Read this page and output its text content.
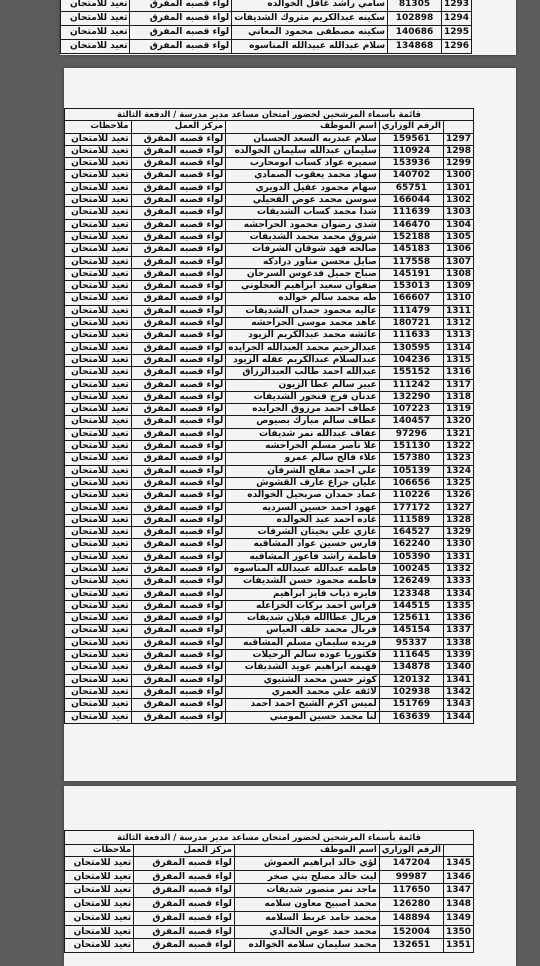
1293	81305	سامي راشد غافل الخوالده	لواء قصبه المفرق	تعيد للامتحان
1294	102898	سكينه عبدالكريم متروك الشديفات	لواء قصبه المفرق	تعيد للامتحان
1295	140686	سكينه مصطفى محمود المعاني	لواء قصبه المفرق	تعيد للامتحان
1296	134868	سلام عبدالله عبيدالله المناسوه	لواء قصبه المفرق	تعيد للامتحان
قائمة بأسماء المرشحين لحضور امتحان مساعد مدير مدرسة / الدفعة الثالثة				
	الرقم الوزاري	اسم الموظف	مركز العمل	ملاحظات
1297	159561	سلام عبدربه السعد الحسبان	لواء قصبه المفرق	تعيد للامتحان
1298	110924	سليمان عبدالله سليمان الخوالده	لواء قصبه المفرق	تعيد للامتحان
1299	153936	سميره عواد كساب ابومحارب	لواء قصبه المفرق	تعيد للامتحان
1300	140702	سهاد محمد يعقوب الصمادي	لواء قصبه المفرق	تعيد للامتحان
1301	65751	سهام محمود عقيل الدويري	لواء قصبه المفرق	تعيد للامتحان
1302	166044	سوسن محمد عوض الفحيلي	لواء قصبه المفرق	تعيد للامتحان
1303	111639	شذا محمد كساب الشديفات	لواء قصبه المفرق	تعيد للامتحان
1304	146470	شذى رضوان محمود الحراحشه	لواء قصبه المفرق	تعيد للامتحان
1305	152188	شروق محمد محمد الشديفات	لواء قصبه المفرق	تعيد للامتحان
1306	145183	صالحه فهد شوقان الشرفات	لواء قصبه المفرق	تعيد للامتحان
1307	117558	صايل محسن مناور درادكه	لواء قصبه المفرق	تعيد للامتحان
1308	145191	صباح جميل فدعوس السرحان	لواء قصبه المفرق	تعيد للامتحان
1309	153013	صفوان سعيد ابراهيم العجلوني	لواء قصبه المفرق	تعيد للامتحان
1310	166607	طه محمد سالم خوالده	لواء قصبه المفرق	تعيد للامتحان
1311	111479	عاليه محمود حمدان الشديفات	لواء قصبه المفرق	تعيد للامتحان
1312	180721	عاهد محمد موسى الحراحشه	لواء قصبه المفرق	تعيد للامتحان
1313	111633	عائشه محمد عبدالكريم الزيود	لواء قصبه المفرق	تعيد للامتحان
1314	130595	عبدالرحيم محمد العبدالله الجرايده	لواء قصبه المفرق	تعيد للامتحان
1315	104236	عبدالسلام عبدالكريم عقله الزيود	لواء قصبه المفرق	تعيد للامتحان
1316	155152	عبدالله احمد طالب العبدالرزاق	لواء قصبه المفرق	تعيد للامتحان
1317	111242	عبير سالم عطا الزيون	لواء قصبه المفرق	تعيد للامتحان
1318	132290	عدنان فرج فنخور الشديفات	لواء قصبه المفرق	تعيد للامتحان
1319	107223	عطاف احمد مرزوق الجرايده	لواء قصبه المفرق	تعيد للامتحان
1320	140457	عطاف سالم مبارك بصيوص	لواء قصبه المفرق	تعيد للامتحان
1321	97296	عفاف عبدالله نمر شديفات	لواء قصبه المفرق	تعيد للامتحان
1322	151130	علا ناصر مسلم الحراحشه	لواء قصبه المفرق	تعيد للامتحان
1323	157380	علاء فالح سالم عمرو	لواء قصبه المفرق	تعيد للامتحان
1324	105139	علي احمد مفلح الشرفان	لواء قصبه المفرق	تعيد للامتحان
1325	106656	عليان جزاع عارف القشوش	لواء قصبه المفرق	تعيد للامتحان
1326	110226	عماد حمدان صربحيل الخوالده	لواء قصبه المفرق	تعيد للامتحان
1327	177172	عهود احمد حسين السرديه	لواء قصبه المفرق	تعيد للامتحان
1328	111589	غاده احمد عيد الخوالده	لواء قصبه المفرق	تعيد للامتحان
1329	164527	غازي علي بخيتان الشرفات	لواء قصبه المفرق	تعيد للامتحان
1330	162240	فارس حسين عواد المشاقبه	لواء قصبه المفرق	تعيد للامتحان
1331	105390	فاطمة راشد فاعور المشاقبه	لواء قصبه المفرق	تعيد للامتحان
1332	100245	فاطمه عبدالله عبيدالله المناسوه	لواء قصبه المفرق	تعيد للامتحان
1333	126249	فاطمه محمود حسن الشديفات	لواء قصبه المفرق	تعيد للامتحان
1334	123348	فايزه ذياب فايز ابراهيم	لواء قصبه المفرق	تعيد للامتحان
1335	144515	فراس احمد بركات الخزاعله	لواء قصبه المفرق	تعيد للامتحان
1336	125611	فريال عطاالله فيلان شديفات	لواء قصبه المفرق	تعيد للامتحان
1337	145154	فريال محمد خلف العياس	لواء قصبه المفرق	تعيد للامتحان
1338	95337	فريده سليمان مسلم المشاقبه	لواء قصبه المفرق	تعيد للامتحان
1339	111645	فكتوريا عوده سالم الرحيلات	لواء قصبه المفرق	تعيد للامتحان
1340	134878	فهيمه ابراهيم عويد الشديفات	لواء قصبه المفرق	تعيد للامتحان
1341	120132	كوثر حسن محمد الشتيوي	لواء قصبه المفرق	تعيد للامتحان
1342	102938	لائقه علي محمد العمري	لواء قصبه المفرق	تعيد للامتحان
1343	151769	لميس اكرم الشيخ احمد احمد	لواء قصبه المفرق	تعيد للامتحان
1344	163639	لنا محمد حسين المومني	لواء قصبه المفرق	تعيد للامتحان
قائمة بأسماء المرشحين لحضور امتحان مساعد مدير مدرسة / الدفعة الثالثة				
	الرقم الوزاري	اسم الموظف	مركز العمل	ملاحظات
1345	147204	لؤي خالد ابراهيم العموش	لواء قصبه المفرق	تعيد للامتحان
1346	99987	ليث خالد مصلح بني صخر	لواء قصبه المفرق	تعيد للامتحان
1347	117650	ماجد نمر منصور شديفات	لواء قصبه المفرق	تعيد للامتحان
1348	126280	محمد اصبيح معاون سلامه	لواء قصبه المفرق	تعيد للامتحان
1349	148894	محمد حامد عربط السلامه	لواء قصبه المفرق	تعيد للامتحان
1350	152004	محمد حمد عوض الخالدي	لواء قصبه المفرق	تعيد للامتحان
1351	132651	محمد سليمان سلامه الخوالده	لواء قصبه المفرق	تعيد للامتحان
